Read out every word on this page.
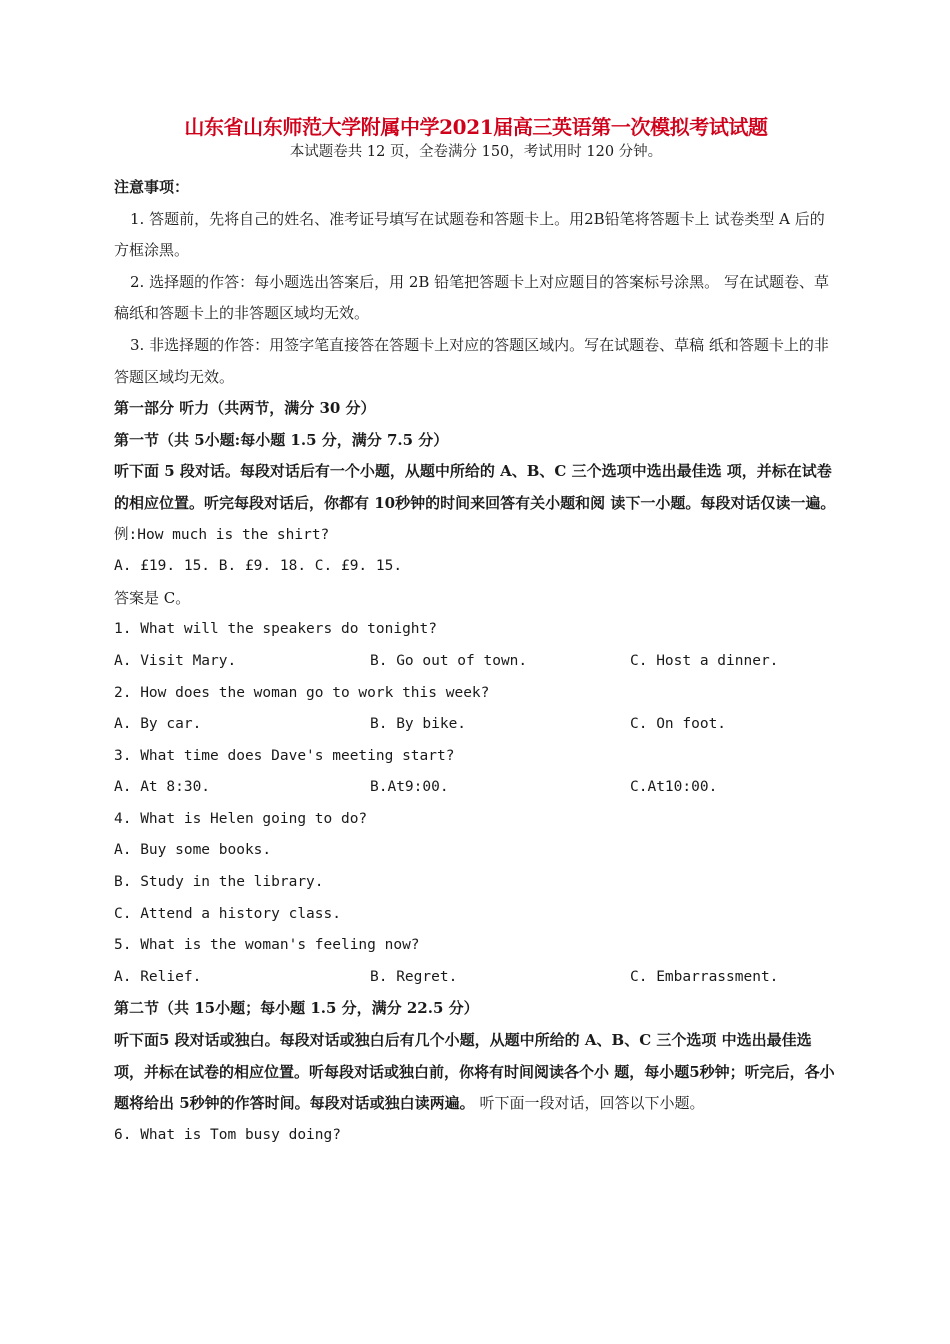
山东省山东师范大学附属中学2021届高三英语第一次模拟考试试题

本试题卷共 12 页，全卷满分 150，考试用时 120 分钟。

注意事项：

1. 答题前，先将自己的姓名、准考证号填写在试题卷和答题卡上。用2B铅笔将答题卡上 试卷类型 A 后的方框涂黑。

2. 选择题的作答：每小题选出答案后，用 2B 铅笔把答题卡上对应题目的答案标号涂黑。 写在试题卷、草稿纸和答题卡上的非答题区域均无效。

3. 非选择题的作答：用签字笔直接答在答题卡上对应的答题区域内。写在试题卷、草稿 纸和答题卡上的非答题区域均无效。

第一部分 听力（共两节，满分 30 分）

第一节（共 5小题:每小题 1.5 分，满分 7.5 分）

听下面 5 段对话。每段对话后有一个小题，从题中所给的 A、B、C 三个选项中选出最佳选 项，并标在试卷的相应位置。听完每段对话后，你都有 10秒钟的时间来回答有关小题和阅 读下一小题。每段对话仅读一遍。

例:How much is the shirt?

A. £19. 15. B. £9. 18. C. £9. 15.

答案是 C。

1. What will the speakers do tonight?

A. Visit Mary.	B. Go out of town.	C. Host a dinner.

2. How does the woman go to work this week?

A. By car.	B. By bike.	C. On foot.

3. What time does Dave's meeting start?

A. At 8:30.	B.At9:00.	C.At10:00.

4. What is Helen going to do?

A. Buy some books.

B. Study in the library.

C. Attend a history class.

5. What is the woman's feeling now?

A. Relief.	B. Regret.	C. Embarrassment.

第二节（共 15小题；每小题 1.5 分，满分 22.5 分）

听下面5 段对话或独白。每段对话或独白后有几个小题，从题中所给的 A、B、C 三个选项 中选出最佳选项，并标在试卷的相应位置。听每段对话或独白前，你将有时间阅读各个小 题，每小题5秒钟；听完后，各小题将给出 5秒钟的作答时间。每段对话或独白读两遍。 听下面一段对话，回答以下小题。

6. What is Tom busy doing?
